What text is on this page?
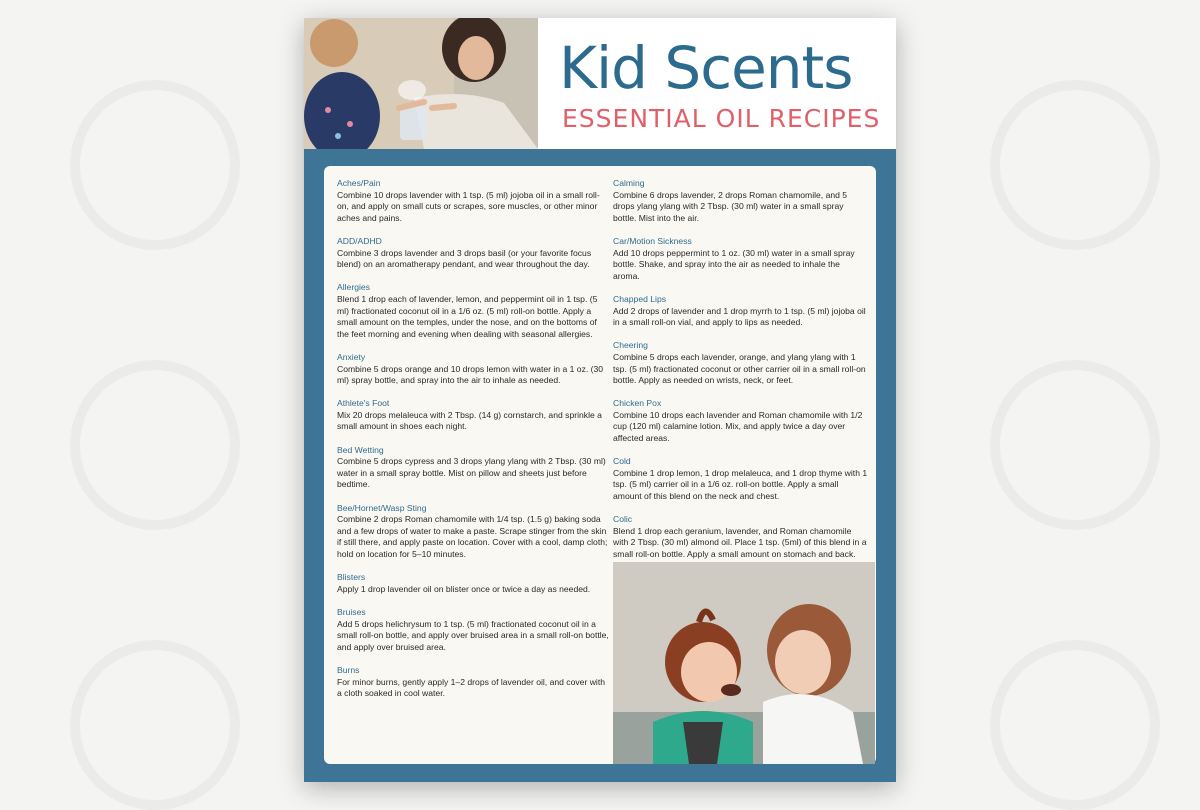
Kid Scents
ESSENTIAL OIL RECIPES
Aches/Pain
Combine 10 drops lavender with 1 tsp. (5 ml) jojoba oil in a small roll-on, and apply on small cuts or scrapes, sore muscles, or other minor aches and pains.
ADD/ADHD
Combine 3 drops lavender and 3 drops basil (or your favorite focus blend) on an aromatherapy pendant, and wear throughout the day.
Allergies
Blend 1 drop each of lavender, lemon, and peppermint oil in 1 tsp. (5 ml) fractionated coconut oil in a 1/6 oz. (5 ml) roll-on bottle. Apply a small amount on the temples, under the nose, and on the bottoms of the feet morning and evening when dealing with seasonal allergies.
Anxiety
Combine 5 drops orange and 10 drops lemon with water in a 1 oz. (30 ml) spray bottle, and spray into the air to inhale as needed.
Athlete's Foot
Mix 20 drops melaleuca with 2 Tbsp. (14 g) cornstarch, and sprinkle a small amount in shoes each night.
Bed Wetting
Combine 5 drops cypress and 3 drops ylang ylang with 2 Tbsp. (30 ml) water in a small spray bottle. Mist on pillow and sheets just before bedtime.
Bee/Hornet/Wasp Sting
Combine 2 drops Roman chamomile with 1/4 tsp. (1.5 g) baking soda and a few drops of water to make a paste. Scrape stinger from the skin if still there, and apply paste on location. Cover with a cool, damp cloth; hold on location for 5–10 minutes.
Blisters
Apply 1 drop lavender oil on blister once or twice a day as needed.
Bruises
Add 5 drops helichrysum to 1 tsp. (5 ml) fractionated coconut oil in a small roll-on bottle, and apply over bruised area in a small roll-on bottle, and apply over bruised area.
Burns
For minor burns, gently apply 1–2 drops of lavender oil, and cover with a cloth soaked in cool water.
Calming
Combine 6 drops lavender, 2 drops Roman chamomile, and 5 drops ylang ylang with 2 Tbsp. (30 ml) water in a small spray bottle. Mist into the air.
Car/Motion Sickness
Add 10 drops peppermint to 1 oz. (30 ml) water in a small spray bottle. Shake, and spray into the air as needed to inhale the aroma.
Chapped Lips
Add 2 drops of lavender and 1 drop myrrh to 1 tsp. (5 ml) jojoba oil in a small roll-on vial, and apply to lips as needed.
Cheering
Combine 5 drops each lavender, orange, and ylang ylang with 1 tsp. (5 ml) fractionated coconut or other carrier oil in a small roll-on bottle. Apply as needed on wrists, neck, or feet.
Chicken Pox
Combine 10 drops each lavender and Roman chamomile with 1/2 cup (120 ml) calamine lotion. Mix, and apply twice a day over affected areas.
Cold
Combine 1 drop lemon, 1 drop melaleuca, and 1 drop thyme with 1 tsp. (5 ml) carrier oil in a 1/6 oz. roll-on bottle. Apply a small amount of this blend on the neck and chest.
Colic
Blend 1 drop each geranium, lavender, and Roman chamomile with 2 Tbsp. (30 ml) almond oil. Place 1 tsp. (5ml) of this blend in a small roll-on bottle. Apply a small amount on stomach and back.
